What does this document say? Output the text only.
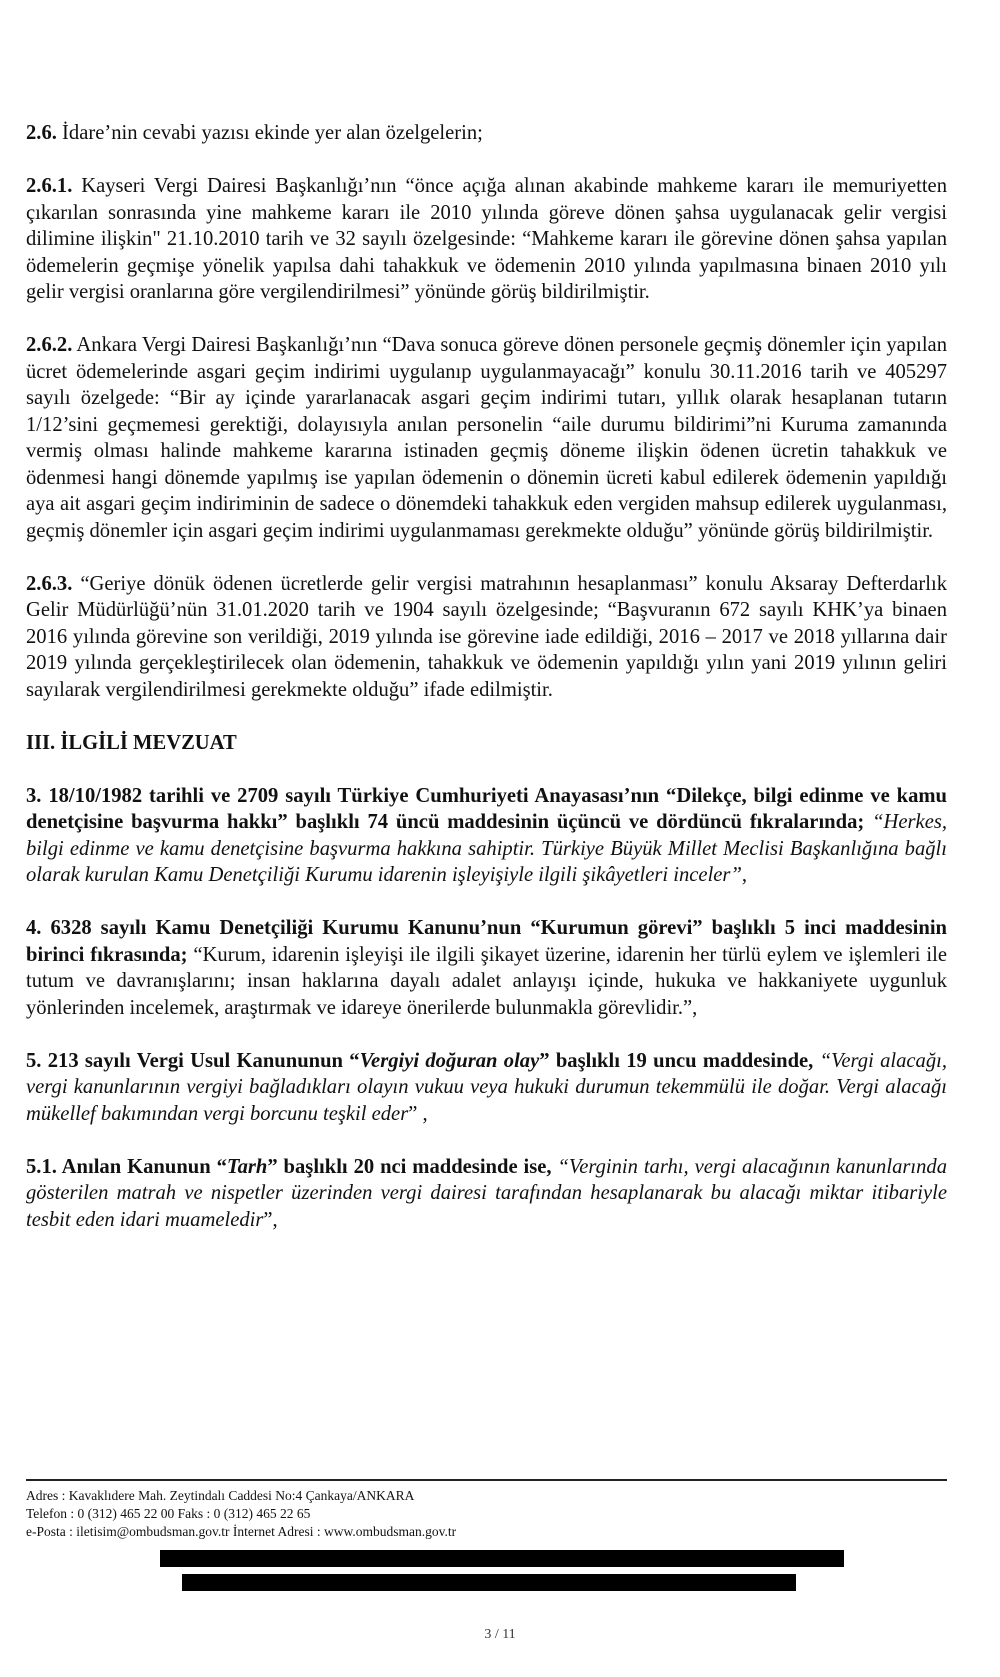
2.6. İdare’nin cevabi yazısı ekinde yer alan özelgelerin;

2.6.1. Kayseri Vergi Dairesi Başkanlığı’nın “önce açığa alınan akabinde mahkeme kararı ile memuriyetten çıkarılan sonrasında yine mahkeme kararı ile 2010 yılında göreve dönen şahsa uygulanacak gelir vergisi dilimine ilişkin" 21.10.2010 tarih ve 32 sayılı özelgesinde: “Mahkeme kararı ile görevine dönen şahsa yapılan ödemelerin geçmişe yönelik yapılsa dahi tahakkuk ve ödemenin 2010 yılında yapılmasına binaen 2010 yılı gelir vergisi oranlarına göre vergilendirilmesi” yönünde görüş bildirilmiştir.

2.6.2. Ankara Vergi Dairesi Başkanlığı’nın “Dava sonuca göreve dönen personele geçmiş dönemler için yapılan ücret ödemelerinde asgari geçim indirimi uygulanıp uygulanmayacağı” konulu 30.11.2016 tarih ve 405297 sayılı özelgede: “Bir ay içinde yararlanacak asgari geçim indirimi tutarı, yıllık olarak hesaplanan tutarın 1/12’sini geçmemesi gerektiği, dolayısıyla anılan personelin “aile durumu bildirimi”ni Kuruma zamanında vermiş olması halinde mahkeme kararına istinaden geçmiş döneme ilişkin ödenen ücretin tahakkuk ve ödenmesi hangi dönemde yapılmış ise yapılan ödemenin o dönemin ücreti kabul edilerek ödemenin yapıldığı aya ait asgari geçim indiriminin de sadece o dönemdeki tahakkuk eden vergiden mahsup edilerek uygulanması, geçmiş dönemler için asgari geçim indirimi uygulanmaması gerekmekte olduğu” yönünde görüş bildirilmiştir.

2.6.3. “Geriye dönük ödenen ücretlerde gelir vergisi matrahının hesaplanması” konulu Aksaray Defterdarlık Gelir Müdürlüğü’nün 31.01.2020 tarih ve 1904 sayılı özelgesinde; “Başvuranın 672 sayılı KHK’ya binaen 2016 yılında görevine son verildiği, 2019 yılında ise görevine iade edildiği, 2016 – 2017 ve 2018 yıllarına dair 2019 yılında gerçekleştirilecek olan ödemenin, tahakkuk ve ödemenin yapıldığı yılın yani 2019 yılının geliri sayılarak vergilendirilmesi gerekmekte olduğu” ifade edilmiştir.

III. İLGİLİ MEVZUAT

3. 18/10/1982 tarihli ve 2709 sayılı Türkiye Cumhuriyeti Anayasası’nın “Dilekçe, bilgi edinme ve kamu denetçisine başvurma hakkı” başlıklı 74 üncü maddesinin üçüncü ve dördüncü fıkralarında; “Herkes, bilgi edinme ve kamu denetçisine başvurma hakkına sahiptir. Türkiye Büyük Millet Meclisi Başkanlığına bağlı olarak kurulan Kamu Denetçiliği Kurumu idarenin işleyişiyle ilgili şikâyetleri inceler”,

4. 6328 sayılı Kamu Denetçiliği Kurumu Kanunu’nun “Kurumun görevi” başlıklı 5 inci maddesinin birinci fıkrasında; “Kurum, idarenin işleyişi ile ilgili şikayet üzerine, idarenin her türlü eylem ve işlemleri ile tutum ve davranışlarını; insan haklarına dayalı adalet anlayışı içinde, hukuka ve hakkaniyete uygunluk yönlerinden incelemek, araştırmak ve idareye önerilerde bulunmakla görevlidir.”,

5. 213 sayılı Vergi Usul Kanununun “Vergiyi doğuran olay” başlıklı 19 uncu maddesinde, “Vergi alacağı, vergi kanunlarının vergiyi bağladıkları olayın vukuu veya hukuki durumun tekemmülü ile doğar. Vergi alacağı mükellef bakımından vergi borcunu teşkil eder” ,

5.1. Anılan Kanunun “Tarh” başlıklı 20 nci maddesinde ise, “Verginin tarhı, vergi alacağının kanunlarında gösterilen matrah ve nispetler üzerinden vergi dairesi tarafından hesaplanarak bu alacağı miktar itibariyle tesbit eden idari muameledir”,

Adres : Kavaklıdere Mah. Zeytindalı Caddesi No:4 Çankaya/ANKARA
Telefon : 0 (312) 465 22 00 Faks : 0 (312) 465 22 65
e-Posta : iletisim@ombudsman.gov.tr İnternet Adresi : www.ombudsman.gov.tr
3 / 11
